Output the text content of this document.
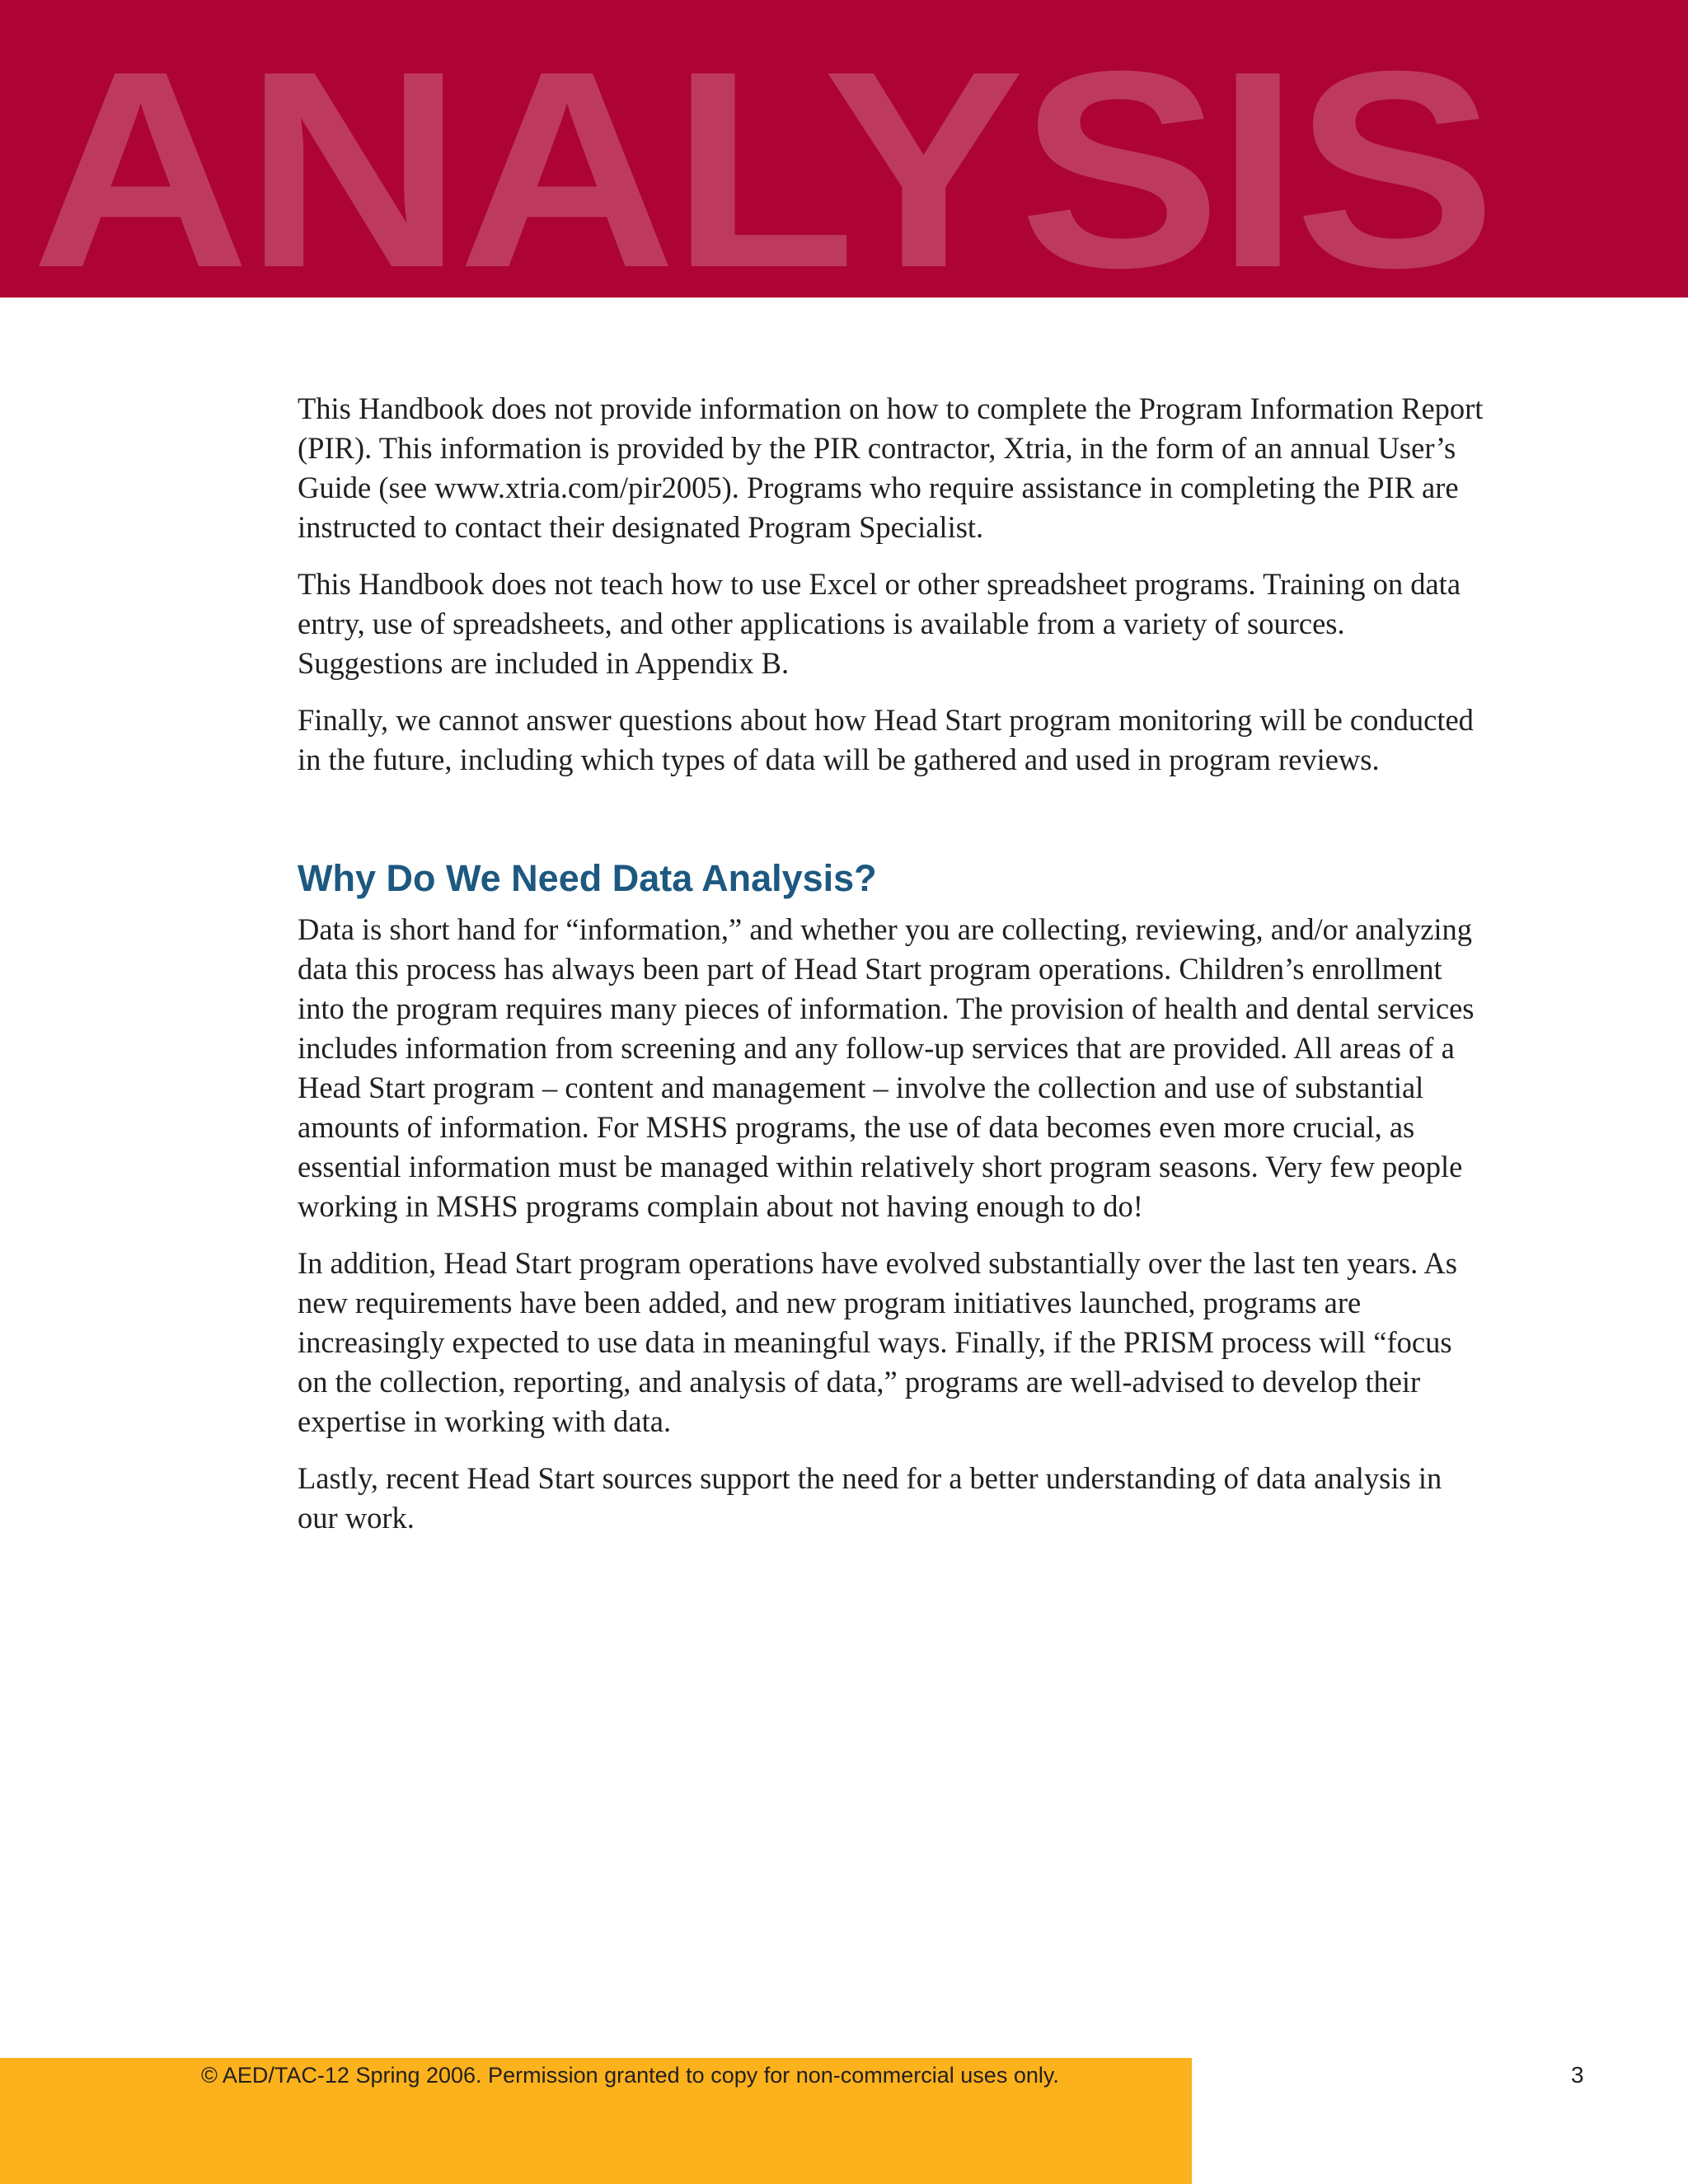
ANALYSIS

This Handbook does not provide information on how to complete the Program Information Report (PIR). This information is provided by the PIR contractor, Xtria, in the form of an annual User’s Guide (see www.xtria.com/pir2005). Programs who require assistance in completing the PIR are instructed to contact their designated Program Specialist.

This Handbook does not teach how to use Excel or other spreadsheet programs. Training on data entry, use of spreadsheets, and other applications is available from a variety of sources. Suggestions are included in Appendix B.

Finally, we cannot answer questions about how Head Start program monitoring will be conducted in the future, including which types of data will be gathered and used in program reviews.

Why Do We Need Data Analysis?

Data is short hand for “information,” and whether you are collecting, reviewing, and/or analyzing data this process has always been part of Head Start program operations. Children’s enrollment into the program requires many pieces of information. The provision of health and dental services includes information from screening and any follow-up services that are provided. All areas of a Head Start program – content and management – involve the collection and use of substantial amounts of information. For MSHS programs, the use of data becomes even more crucial, as essential information must be managed within relatively short program seasons. Very few people working in MSHS programs complain about not having enough to do!

In addition, Head Start program operations have evolved substantially over the last ten years. As new requirements have been added, and new program initiatives launched, programs are increasingly expected to use data in meaningful ways. Finally, if the PRISM process will “focus on the collection, reporting, and analysis of data,” programs are well-advised to develop their expertise in working with data.

Lastly, recent Head Start sources support the need for a better understanding of data analysis in our work.

© AED/TAC-12 Spring 2006. Permission granted to copy for non-commercial uses only.	3
